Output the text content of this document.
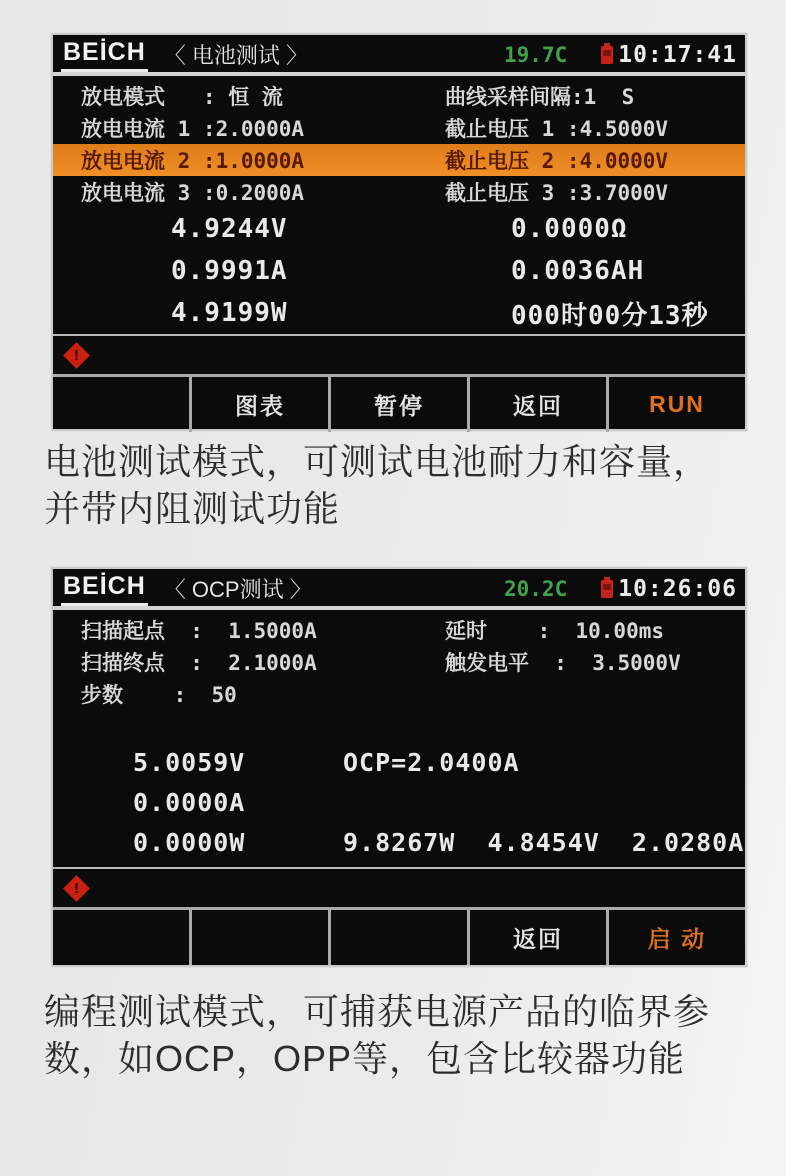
BEİCH 〈 电池测试 〉	19.7C 10:17:41
放电模式   : 恒 流	曲线采样间隔:1  S
放电电流 1 :2.0000A	截止电压 1 :4.5000V
放电电流 2 :1.0000A	截止电压 2 :4.0000V
放电电流 3 :0.2000A	截止电压 3 :3.7000V
4.9244V	0.0000Ω
0.9991A	0.0036AH
4.9199W	000时00分13秒
!
图表	暂停	返回	RUN
电池测试模式，可测试电池耐力和容量，
并带内阻测试功能
BEİCH 〈 OCP测试 〉	20.2C 10:26:06
扫描起点  :  1.5000A	延时    :  10.00ms
扫描终点  :  2.1000A	触发电平  :  3.5000V
步数    :  50
5.0059V	OCP=2.0400A
0.0000A
0.0000W	9.8267W  4.8454V  2.0280A
!
返回	启 动
编程测试模式，可捕获电源产品的临界参
数，如OCP，OPP等，包含比较器功能
